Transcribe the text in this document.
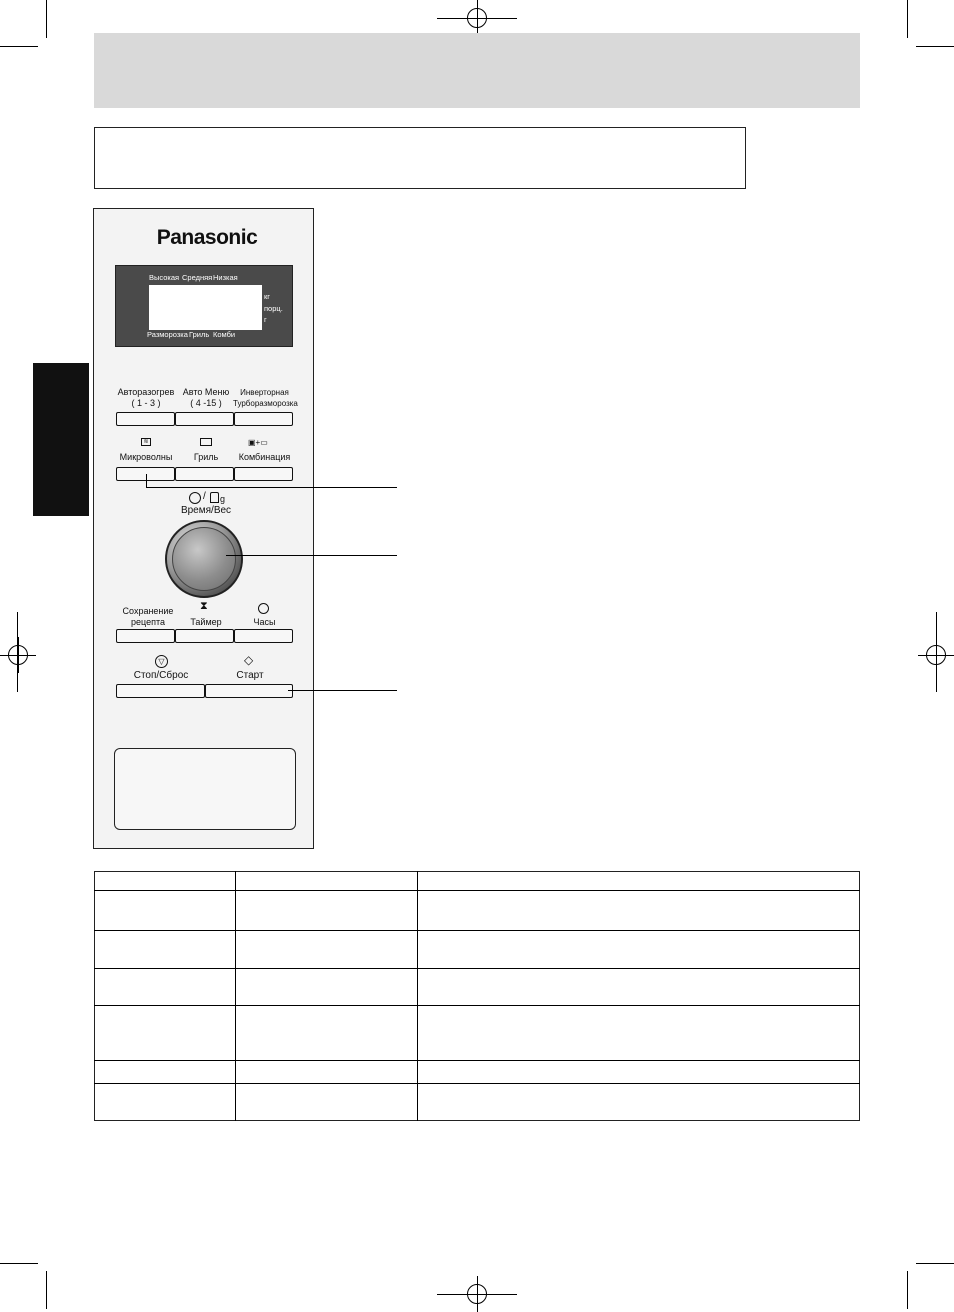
Panasonic
Высокая Средняя Низкая
кг
порц.
г
Разморозка Гриль Комби
Авторазогрев
( 1 - 3 )
Авто Меню
( 4 -15 )
Инверторная
Турборазморозка
≋
Микроволны	Гриль
▣+▭
Комбинация
/ g
Время/Вес
Сохранение
рецепта
⧗
Таймер	Часы
▽
Стоп/Сброс
◇
Старт
